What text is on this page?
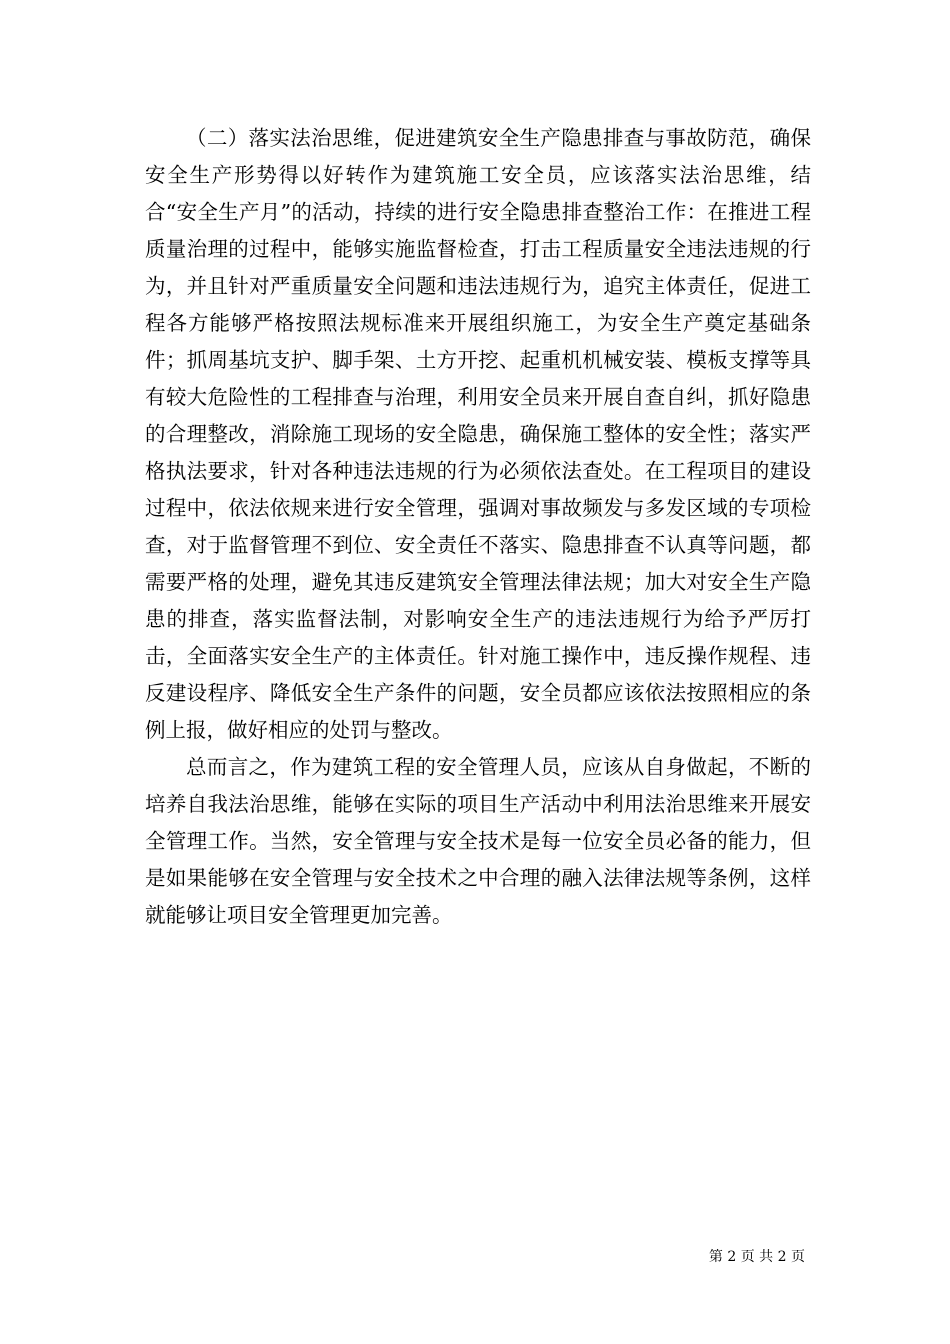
（二）落实法治思维，促进建筑安全生产隐患排查与事故防范，确保安全生产形势得以好转作为建筑施工安全员，应该落实法治思维，结合“安全生产月”的活动，持续的进行安全隐患排查整治工作：在推进工程质量治理的过程中，能够实施监督检查，打击工程质量安全违法违规的行为，并且针对严重质量安全问题和违法违规行为，追究主体责任，促进工程各方能够严格按照法规标准来开展组织施工，为安全生产奠定基础条件；抓周基坑支护、脚手架、土方开挖、起重机机械安装、模板支撑等具有较大危险性的工程排查与治理，利用安全员来开展自查自纠，抓好隐患的合理整改，消除施工现场的安全隐患，确保施工整体的安全性；落实严格执法要求，针对各种违法违规的行为必须依法查处。在工程项目的建设过程中，依法依规来进行安全管理，强调对事故频发与多发区域的专项检查，对于监督管理不到位、安全责任不落实、隐患排查不认真等问题，都需要严格的处理，避免其违反建筑安全管理法律法规；加大对安全生产隐患的排查，落实监督法制，对影响安全生产的违法违规行为给予严厉打击，全面落实安全生产的主体责任。针对施工操作中，违反操作规程、违反建设程序、降低安全生产条件的问题，安全员都应该依法按照相应的条例上报，做好相应的处罚与整改。

总而言之，作为建筑工程的安全管理人员，应该从自身做起，不断的培养自我法治思维，能够在实际的项目生产活动中利用法治思维来开展安全管理工作。当然，安全管理与安全技术是每一位安全员必备的能力，但是如果能够在安全管理与安全技术之中合理的融入法律法规等条例，这样就能够让项目安全管理更加完善。

第 2 页 共 2 页
